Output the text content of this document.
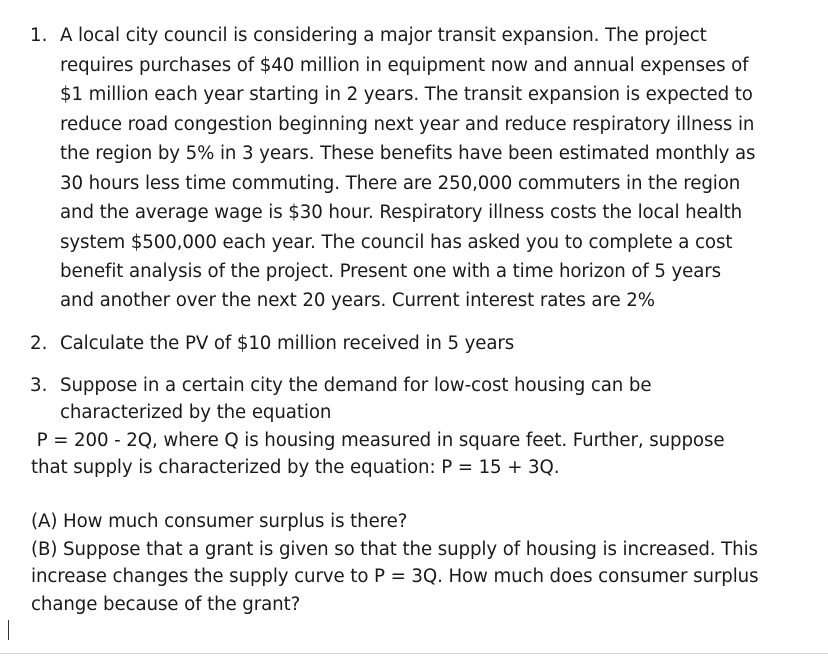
1. A local city council is considering a major transit expansion. The project
requires purchases of $40 million in equipment now and annual expenses of
$1 million each year starting in 2 years. The transit expansion is expected to
reduce road congestion beginning next year and reduce respiratory illness in
the region by 5% in 3 years. These benefits have been estimated monthly as
30 hours less time commuting. There are 250,000 commuters in the region
and the average wage is $30 hour. Respiratory illness costs the local health
system $500,000 each year. The council has asked you to complete a cost
benefit analysis of the project. Present one with a time horizon of 5 years
and another over the next 20 years. Current interest rates are 2%
2. Calculate the PV of $10 million received in 5 years
3. Suppose in a certain city the demand for low-cost housing can be
characterized by the equation
P = 200 - 2Q, where Q is housing measured in square feet. Further, suppose
that supply is characterized by the equation: P = 15 + 3Q.
(A) How much consumer surplus is there?
(B) Suppose that a grant is given so that the supply of housing is increased. This
increase changes the supply curve to P = 3Q. How much does consumer surplus
change because of the grant?
